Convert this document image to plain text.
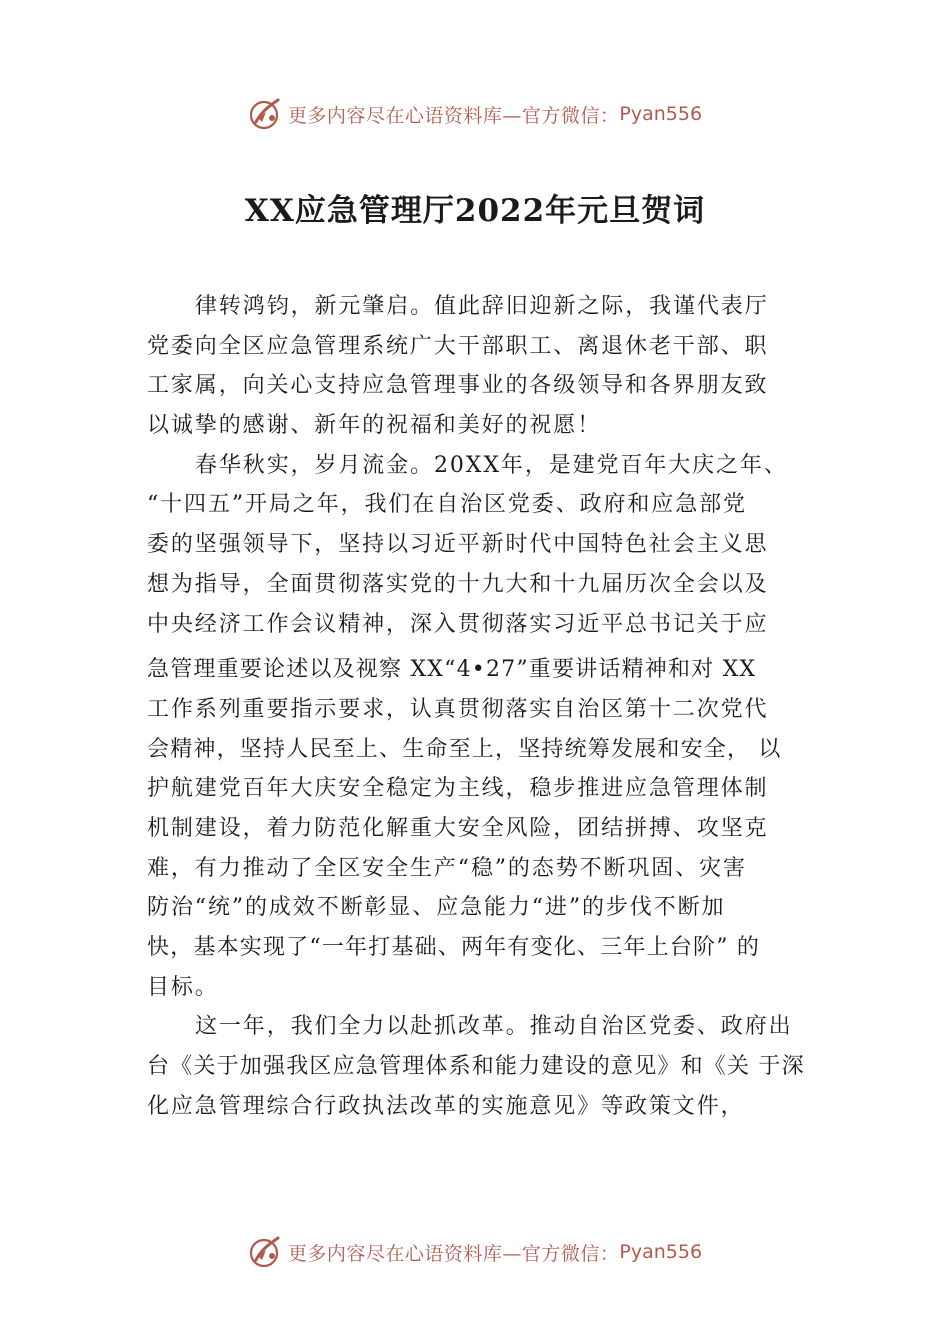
更多内容尽在心语资料库—官方微信： Pyan556
XX应急管理厅2022年元旦贺词
律转鸿钧，新元肇启。值此辞旧迎新之际，我谨代表厅
党委向全区应急管理系统广大干部职工、离退休老干部、职
工家属，向关心支持应急管理事业的各级领导和各界朋友致
以诚挚的感谢、新年的祝福和美好的祝愿！
春华秋实，岁月流金。20XX年，是建党百年大庆之年、
“十四五”开局之年，我们在自治区党委、政府和应急部党
委的坚强领导下，坚持以习近平新时代中国特色社会主义思
想为指导，全面贯彻落实党的十九大和十九届历次全会以及
中央经济工作会议精神，深入贯彻落实习近平总书记关于应
急管理重要论述以及视察 XX“4•27”重要讲话精神和对 XX
工作系列重要指示要求，认真贯彻落实自治区第十二次党代
会精神，坚持人民至上、生命至上，坚持统筹发展和安全， 以
护航建党百年大庆安全稳定为主线，稳步推进应急管理体制
机制建设，着力防范化解重大安全风险，团结拼搏、攻坚克
难，有力推动了全区安全生产“稳”的态势不断巩固、灾害
防治“统”的成效不断彰显、应急能力“进”的步伐不断加
快，基本实现了“一年打基础、两年有变化、三年上台阶” 的
目标。
这一年，我们全力以赴抓改革。推动自治区党委、政府出
台《关于加强我区应急管理体系和能力建设的意见》和《关 于深
化应急管理综合行政执法改革的实施意见》等政策文件，
更多内容尽在心语资料库—官方微信： Pyan556
